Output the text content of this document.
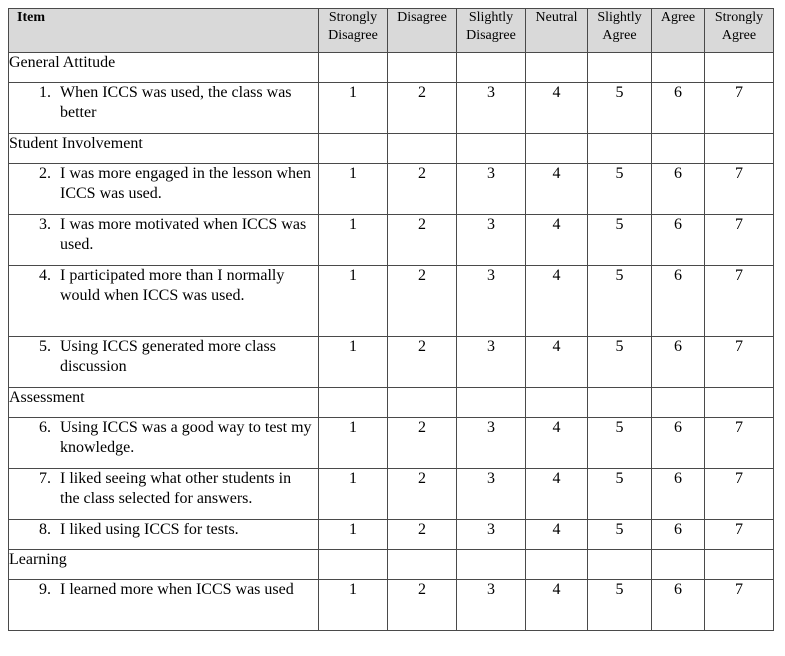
Item	Strongly Disagree	Disagree	Slightly Disagree	Neutral	Slightly Agree	Agree	Strongly Agree
General Attitude							

1. When ICCS was used, the class was better	1	2	3	4	5	6	7
Student Involvement							

2. I was more engaged in the lesson when ICCS was used.	1	2	3	4	5	6	7

3. I was more motivated when ICCS was used.	1	2	3	4	5	6	7

4. I participated more than I normally would when ICCS was used.	1	2	3	4	5	6	7

5. Using ICCS generated more class discussion	1	2	3	4	5	6	7
Assessment							

6. Using ICCS was a good way to test my knowledge.	1	2	3	4	5	6	7

7. I liked seeing what other students in the class selected for answers.	1	2	3	4	5	6	7

8. I liked using ICCS for tests.	1	2	3	4	5	6	7
Learning							

9. I learned more when ICCS was used	1	2	3	4	5	6	7
